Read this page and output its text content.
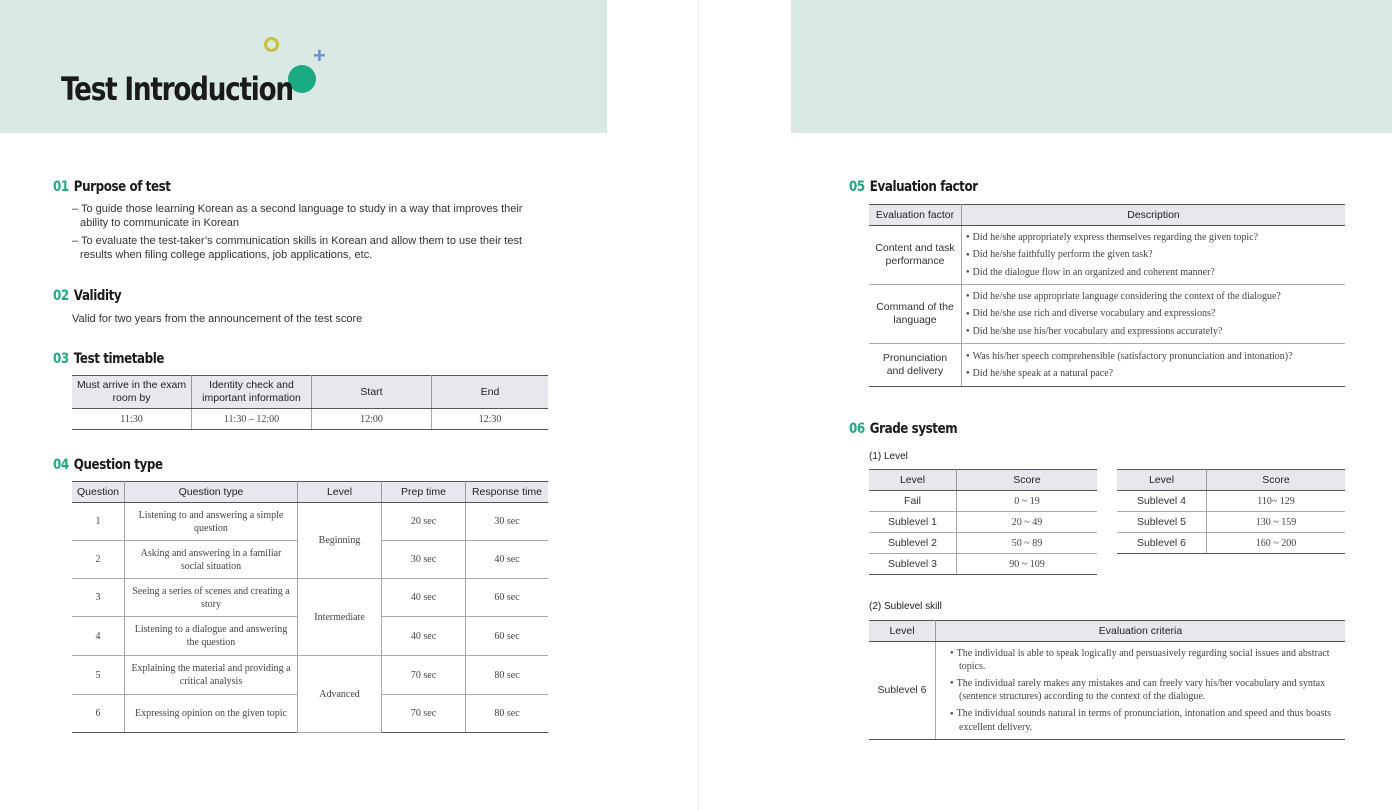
+
Test Introduction
01 Purpose of test
– To guide those learning Korean as a second language to study in a way that improves their ability to communicate in Korean
– To evaluate the test-taker’s communication skills in Korean and allow them to use their test results when filing college applications, job applications, etc.
02 Validity
Valid for two years from the announcement of the test score
03 Test timetable
Must arrive in the exam room by	Identity check and important information	Start	End
11:30	11:30 – 12:00	12:00	12:30
04 Question type
Question	Question type	Level	Prep time	Response time
1	Listening to and answering a simple question	Beginning	20 sec	30 sec
2	Asking and answering in a familiar social situation		30 sec	40 sec
3	Seeing a series of scenes and creating a story	Intermediate	40 sec	60 sec
4	Listening to a dialogue and answering the question		40 sec	60 sec
5	Explaining the material and providing a critical analysis	Advanced	70 sec	80 sec
6	Expressing opinion on the given topic		70 sec	80 sec
05 Evaluation factor
Evaluation factor	Description
Content and task performance	● Did he/she appropriately express themselves regarding the given topic?
● Did he/she faithfully perform the given task?
● Did the dialogue flow in an organized and coherent manner?

Command of the language	● Did he/she use appropriate language considering the context of the dialogue?
● Did he/she use rich and diverse vocabulary and expressions?
● Did he/she use his/her vocabulary and expressions accurately?

Pronunciation and delivery	● Was his/her speech comprehensible (satisfactory pronunciation and intonation)?
● Did he/she speak at a natural pace?
06 Grade system
(1) Level
Level	Score
Fail	0 ~ 19
Sublevel 1	20 ~ 49
Sublevel 2	50 ~ 89
Sublevel 3	90 ~ 109
Level	Score
Sublevel 4	110~ 129
Sublevel 5	130 ~ 159
Sublevel 6	160 ~ 200
(2) Sublevel skill
Level	Evaluation criteria
Sublevel 6	● The individual is able to speak logically and persuasively regarding social issues and abstract topics.
● The individual rarely makes any mistakes and can freely vary his/her vocabulary and syntax (sentence structures) according to the context of the dialogue.
● The individual sounds natural in terms of pronunciation, intonation and speed and thus boasts excellent delivery.
